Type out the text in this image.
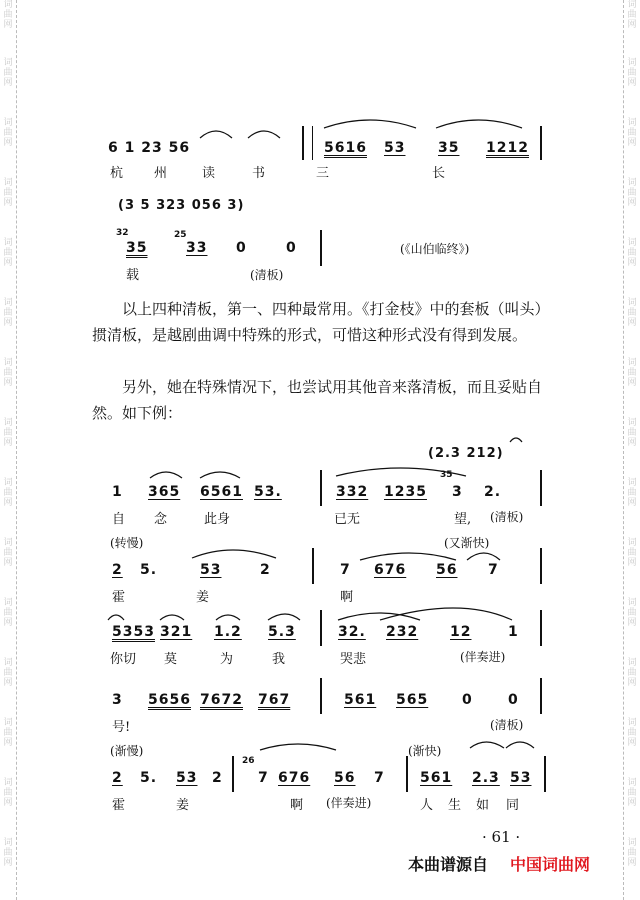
词曲网
词曲网
词曲网
词曲网
词曲网
词曲网
词曲网
词曲网
词曲网
词曲网
词曲网
词曲网
词曲网
词曲网
词曲网
词曲网
词曲网
词曲网
词曲网
词曲网
词曲网
词曲网
词曲网
词曲网
词曲网
词曲网
词曲网
词曲网
词曲网
词曲网
6 1 23 56
杭 州	读	书
5616 53 35 1212
三	长
(3 5 323 056 3)
32	25
35	33 0	0
载	(清板)
(《山伯临终》)
以上四种清板，第一、四种最常用。《打金枝》中的套板（叫头）掼清板，是越剧曲调中特殊的形式，可惜这种形式没有得到发展。
另外，她在特殊情况下，也尝试用其他音来落清板，而且妥贴自然。如下例：
(2.3 212)
1 365 6561 53.
35
332 1235 3 2.
自 念	此身	已无	望, (清板)
(转慢)	(又渐快)
2 5.	53	2	7 676 56 7
霍	姜	啊
5353 321 1.2 5.3	32. 232 12	1
你切 莫	为	我	哭悲	(伴奏进)
3 5656 7672 767	561 565 0	0
号!	(清板)
(渐慢)	(渐快)
2 5. 53 2
26
7 676 56 7	561 2.3 53
霍	姜	啊 (伴奏进)	人 生 如 同
· 61 ·
本曲谱源自 中国词曲网
